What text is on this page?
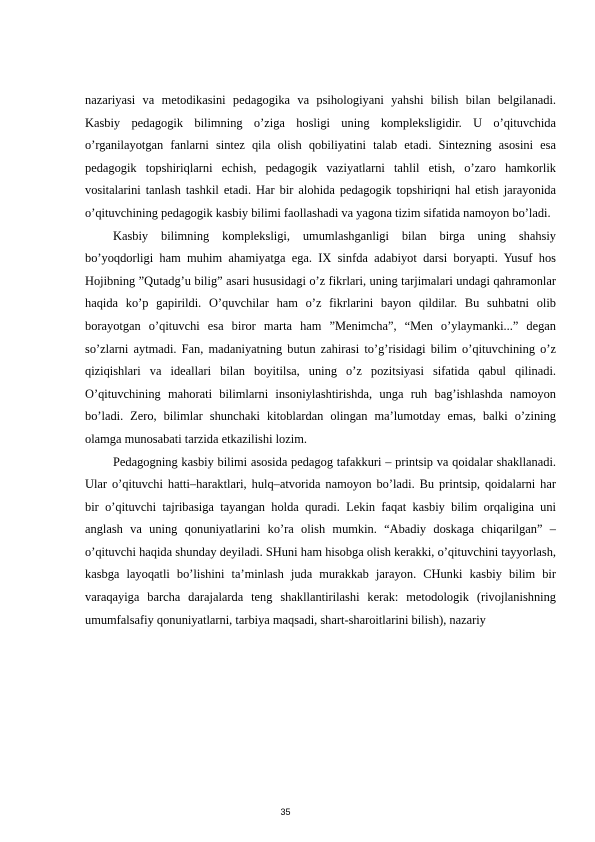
nazariyasi va metodikasini pedagogika va psihologiyani yahshi bilish bilan belgilanadi. Kasbiy pedagogik bilimning o’ziga hosligi uning kompleksligidir. U o’qituvchida o’rganilayotgan fanlarni sintez qila olish qobiliyatini talab etadi. Sintezning asosini esa pedagogik topshiriqlarni echish, pedagogik vaziyatlarni tahlil etish, o’zaro hamkorlik vositalarini tanlash tashkil etadi. Har bir alohida pedagogik topshiriqni hal etish jarayonida o’qituvchining pedagogik kasbiy bilimi faollashadi va yagona tizim sifatida namoyon bo’ladi.

Kasbiy bilimning kompleksligi, umumlashganligi bilan birga uning shahsiy bo’yoqdorligi ham muhim ahamiyatga ega. IX sinfda adabiyot darsi boryapti. Yusuf hos Hojibning ”Qutadg’u bilig” asari hususidagi o’z fikrlari, uning tarjimalari undagi qahramonlar haqida ko’p gapirildi. O’quvchilar ham o’z fikrlarini bayon qildilar. Bu suhbatni olib borayotgan o’qituvchi esa biror marta ham ”Menimcha”, “Men o’ylaymanki...” degan so’zlarni aytmadi. Fan, madaniyatning butun zahirasi to’g’risidagi bilim o’qituvchining o’z qiziqishlari va ideallari bilan boyitilsa, uning o’z pozitsiyasi sifatida qabul qilinadi. O’qituvchining mahorati bilimlarni insoniylashtirishda, unga ruh bag’ishlashda namoyon bo’ladi. Zero, bilimlar shunchaki kitoblardan olingan ma’lumotday emas, balki o’zining olamga munosabati tarzida etkazilishi lozim.

Pedagogning kasbiy bilimi asosida pedagog tafakkuri – printsip va qoidalar shakllanadi. Ular o’qituvchi hatti–haraktlari, hulq–atvorida namoyon bo’ladi. Bu printsip, qoidalarni har bir o’qituvchi tajribasiga tayangan holda quradi. Lekin faqat kasbiy bilim orqaligina uni anglash va uning qonuniyatlarini ko’ra olish mumkin. “Abadiy doskaga chiqarilgan” – o’qituvchi haqida shunday deyiladi. SHuni ham hisobga olish kerakki, o’qituvchini tayyorlash, kasbga layoqatli bo’lishini ta’minlash juda murakkab jarayon. CHunki kasbiy bilim bir varaqayiga barcha darajalarda teng shakllantirilashi kerak: metodologik (rivojlanishning umumfalsafiy qonuniyatlarni, tarbiya maqsadi, shart-sharoitlarini bilish), nazariy

35
